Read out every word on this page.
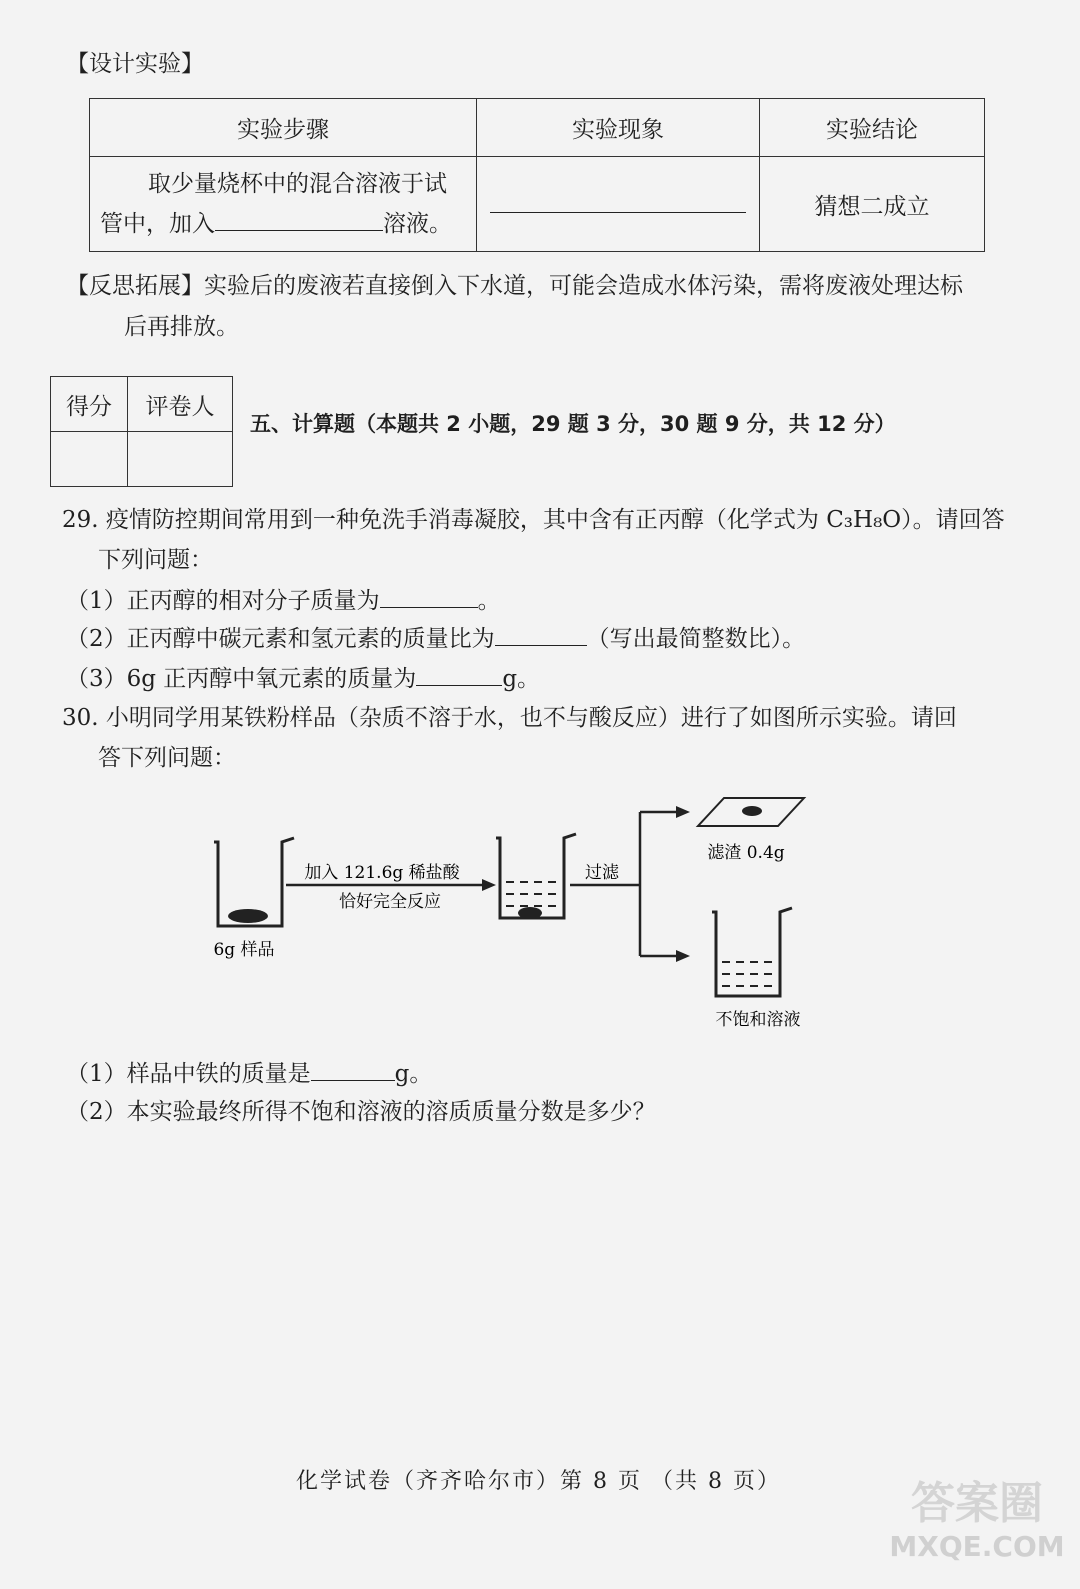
【设计实验】
实验步骤	实验现象	实验结论

取少量烧杯中的混合溶液于试
管中，加入 溶液。		猜想二成立
【反思拓展】实验后的废液若直接倒入下水道，可能会造成水体污染，需将废液处理达标
后再排放。
得分	评卷人

五、计算题（本题共 2 小题，29 题 3 分，30 题 9 分，共 12 分）
29. 疫情防控期间常用到一种免洗手消毒凝胶，其中含有正丙醇（化学式为 C₃H₈O）。请回答
下列问题：
（1）正丙醇的相对分子质量为	。
（2）正丙醇中碳元素和氢元素的质量比为	（写出最简整数比）。
（3）6g 正丙醇中氧元素的质量为	g。
30. 小明同学用某铁粉样品（杂质不溶于水，也不与酸反应）进行了如图所示实验。请回
答下列问题：
加入 121.6g 稀盐酸
恰好完全反应
6g 样品
过滤
滤渣 0.4g
不饱和溶液
（1）样品中铁的质量是	g。
（2）本实验最终所得不饱和溶液的溶质质量分数是多少？
化学试卷（齐齐哈尔市）第 8 页 （共 8 页）	答案圈
MXQE.COM
